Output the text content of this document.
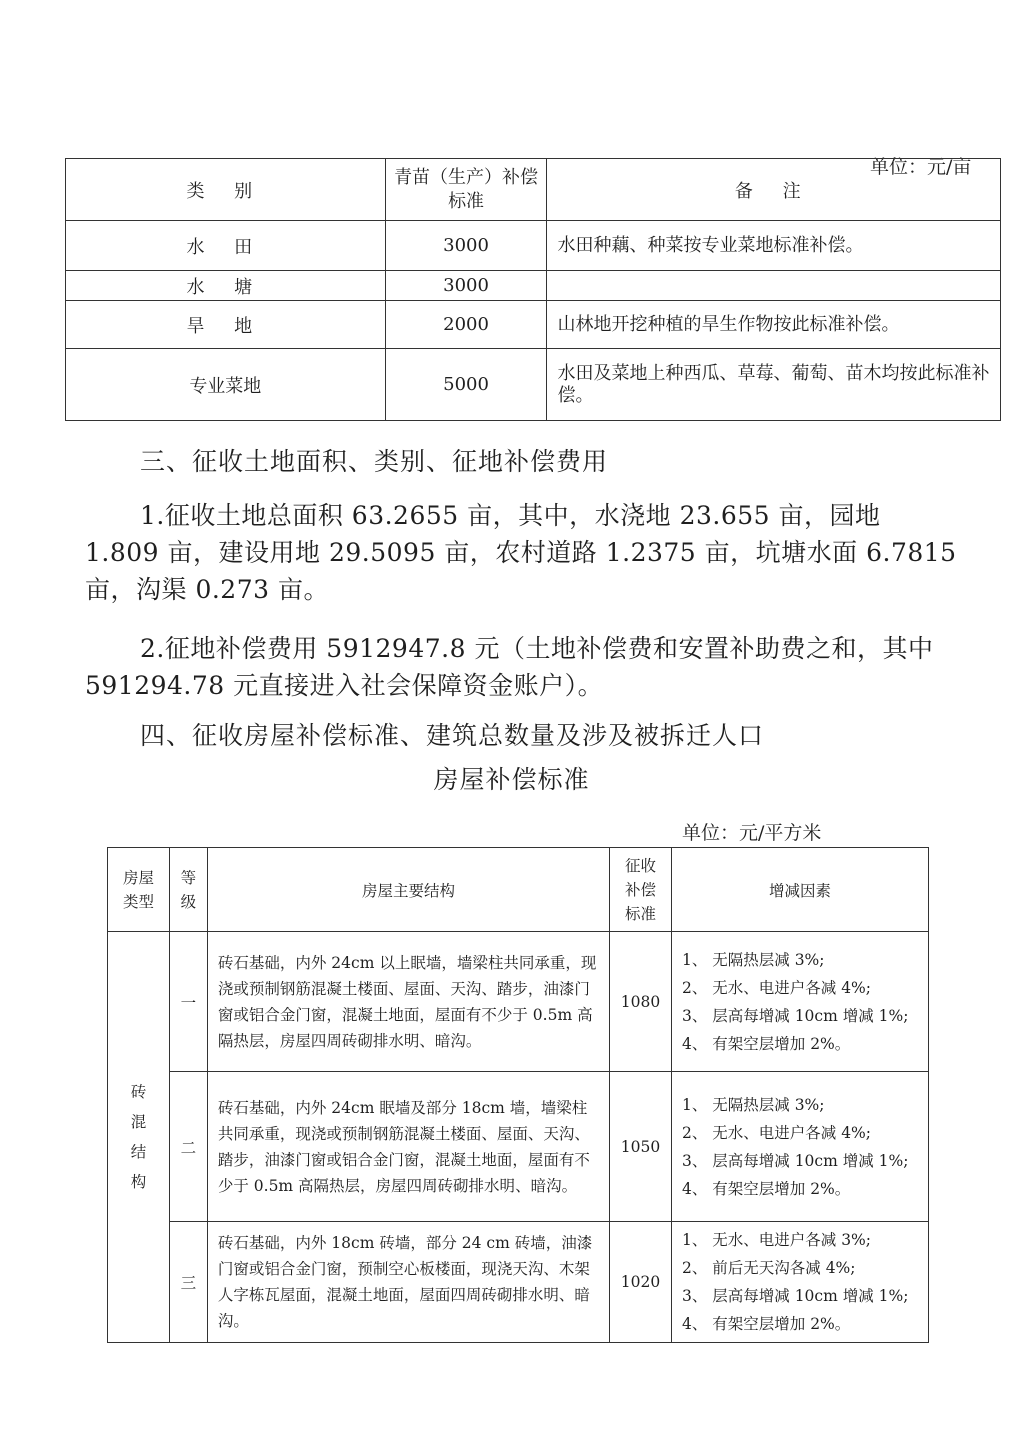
单位：元/亩
类 别	青苗（生产）补偿标准	备 注
水 田	3000	水田种藕、种菜按专业菜地标准补偿。
水 塘	3000	
旱 地	2000	山林地开挖种植的旱生作物按此标准补偿。
专业菜地	5000	水田及菜地上种西瓜、草莓、葡萄、苗木均按此标准补偿。
三、征收土地面积、类别、征地补偿费用
1.征收土地总面积 63.2655 亩，其中，水浇地 23.655 亩，园地 1.809 亩，建设用地 29.5095 亩，农村道路 1.2375 亩，坑塘水面 6.7815 亩，沟渠 0.273 亩。
2.征地补偿费用 5912947.8 元（土地补偿费和安置补助费之和，其中 591294.78 元直接进入社会保障资金账户）。
四、征收房屋补偿标准、建筑总数量及涉及被拆迁人口
房屋补偿标准
单位：元/平方米
房屋类型	等级	房屋主要结构	征收补偿标准	增减因素
砖混结构	一	砖石基础，内外 24cm 以上眠墙，墙梁柱共同承重，现浇或预制钢筋混凝土楼面、屋面、天沟、踏步，油漆门窗或铝合金门窗，混凝土地面，屋面有不少于 0.5m 高隔热层，房屋四周砖砌排水明、暗沟。	1080	1、 无隔热层减 3%;
2、 无水、电进户各减 4%;
3、 层高每增减 10cm 增减 1%;
4、 有架空层增加 2%。

	二	砖石基础，内外 24cm 眠墙及部分 18cm 墙，墙梁柱共同承重，现浇或预制钢筋混凝土楼面、屋面、天沟、踏步，油漆门窗或铝合金门窗，混凝土地面，屋面有不少于 0.5m 高隔热层，房屋四周砖砌排水明、暗沟。	1050	1、 无隔热层减 3%;
2、 无水、电进户各减 4%;
3、 层高每增减 10cm 增减 1%;
4、 有架空层增加 2%。

	三	砖石基础，内外 18cm 砖墙，部分 24 cm 砖墙，油漆门窗或铝合金门窗，预制空心板楼面，现浇天沟、木架人字栋瓦屋面，混凝土地面，屋面四周砖砌排水明、暗沟。	1020	1、 无水、电进户各减 3%;
2、 前后无天沟各减 4%;
3、 层高每增减 10cm 增减 1%;
4、 有架空层增加 2%。
